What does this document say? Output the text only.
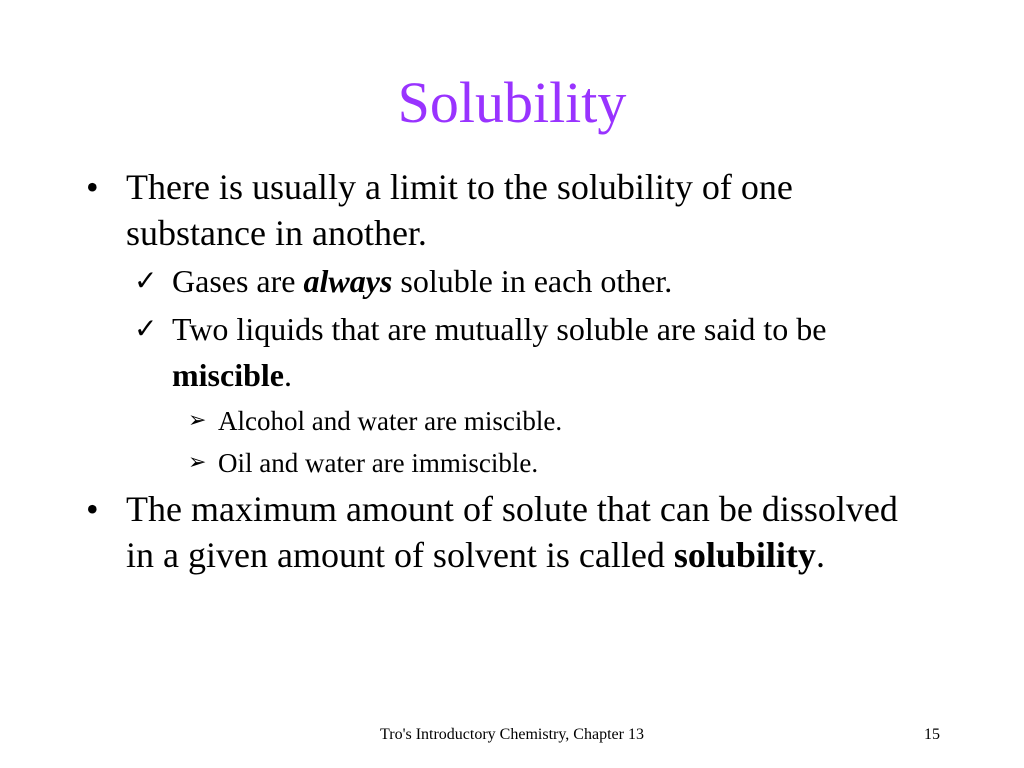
Solubility
• There is usually a limit to the solubility of one substance in another.
✓ Gases are always soluble in each other.
✓ Two liquids that are mutually soluble are said to be miscible.
➢ Alcohol and water are miscible.
➢ Oil and water are immiscible.
• The maximum amount of solute that can be dissolved in a given amount of solvent is called solubility.
Tro's Introductory Chemistry, Chapter 13	15
